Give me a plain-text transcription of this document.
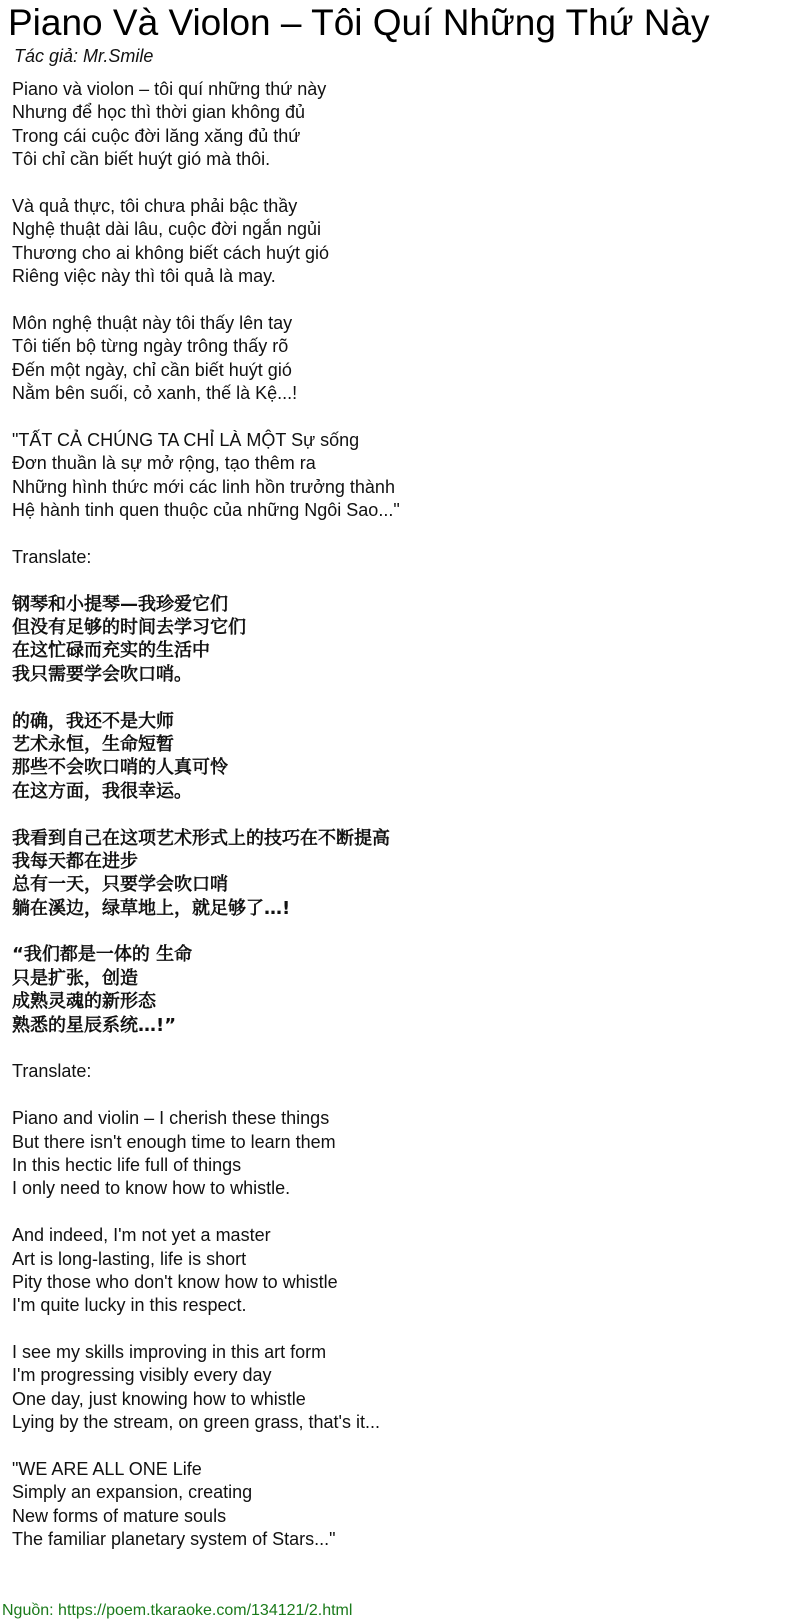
Piano Và Violon – Tôi Quí Những Thứ Này
Tác giả: Mr.Smile
Piano và violon – tôi quí những thứ này
Nhưng để học thì thời gian không đủ
Trong cái cuộc đời lăng xăng đủ thứ
Tôi chỉ cần biết huýt gió mà thôi.
Và quả thực, tôi chưa phải bậc thầy
Nghệ thuật dài lâu, cuộc đời ngắn ngủi
Thương cho ai không biết cách huýt gió
Riêng việc này thì tôi quả là may.
Môn nghệ thuật này tôi thấy lên tay
Tôi tiến bộ từng ngày trông thấy rõ
Đến một ngày, chỉ cần biết huýt gió
Nằm bên suối, cỏ xanh, thế là Kệ...!
"TẤT CẢ CHÚNG TA CHỈ LÀ MỘT Sự sống
Đơn thuần là sự mở rộng, tạo thêm ra
Những hình thức mới các linh hồn trưởng thành
Hệ hành tinh quen thuộc của những Ngôi Sao..."
Translate:
钢琴和小提琴—我珍爱它们
但没有足够的时间去学习它们
在这忙碌而充实的生活中
我只需要学会吹口哨。
的确，我还不是大师
艺术永恒，生命短暂
那些不会吹口哨的人真可怜
在这方面，我很幸运。
我看到自己在这项艺术形式上的技巧在不断提高
我每天都在进步
总有一天，只要学会吹口哨
躺在溪边，绿草地上，就足够了…!
“我们都是一体的 生命
只是扩张，创造
成熟灵魂的新形态
熟悉的星辰系统…!”
Translate:
Piano and violin – I cherish these things
But there isn't enough time to learn them
In this hectic life full of things
I only need to know how to whistle.
And indeed, I'm not yet a master
Art is long-lasting, life is short
Pity those who don't know how to whistle
I'm quite lucky in this respect.
I see my skills improving in this art form
I'm progressing visibly every day
One day, just knowing how to whistle
Lying by the stream, on green grass, that's it...
"WE ARE ALL ONE Life
Simply an expansion, creating
New forms of mature souls
The familiar planetary system of Stars..."
Nguồn: https://poem.tkaraoke.com/134121/2.html
